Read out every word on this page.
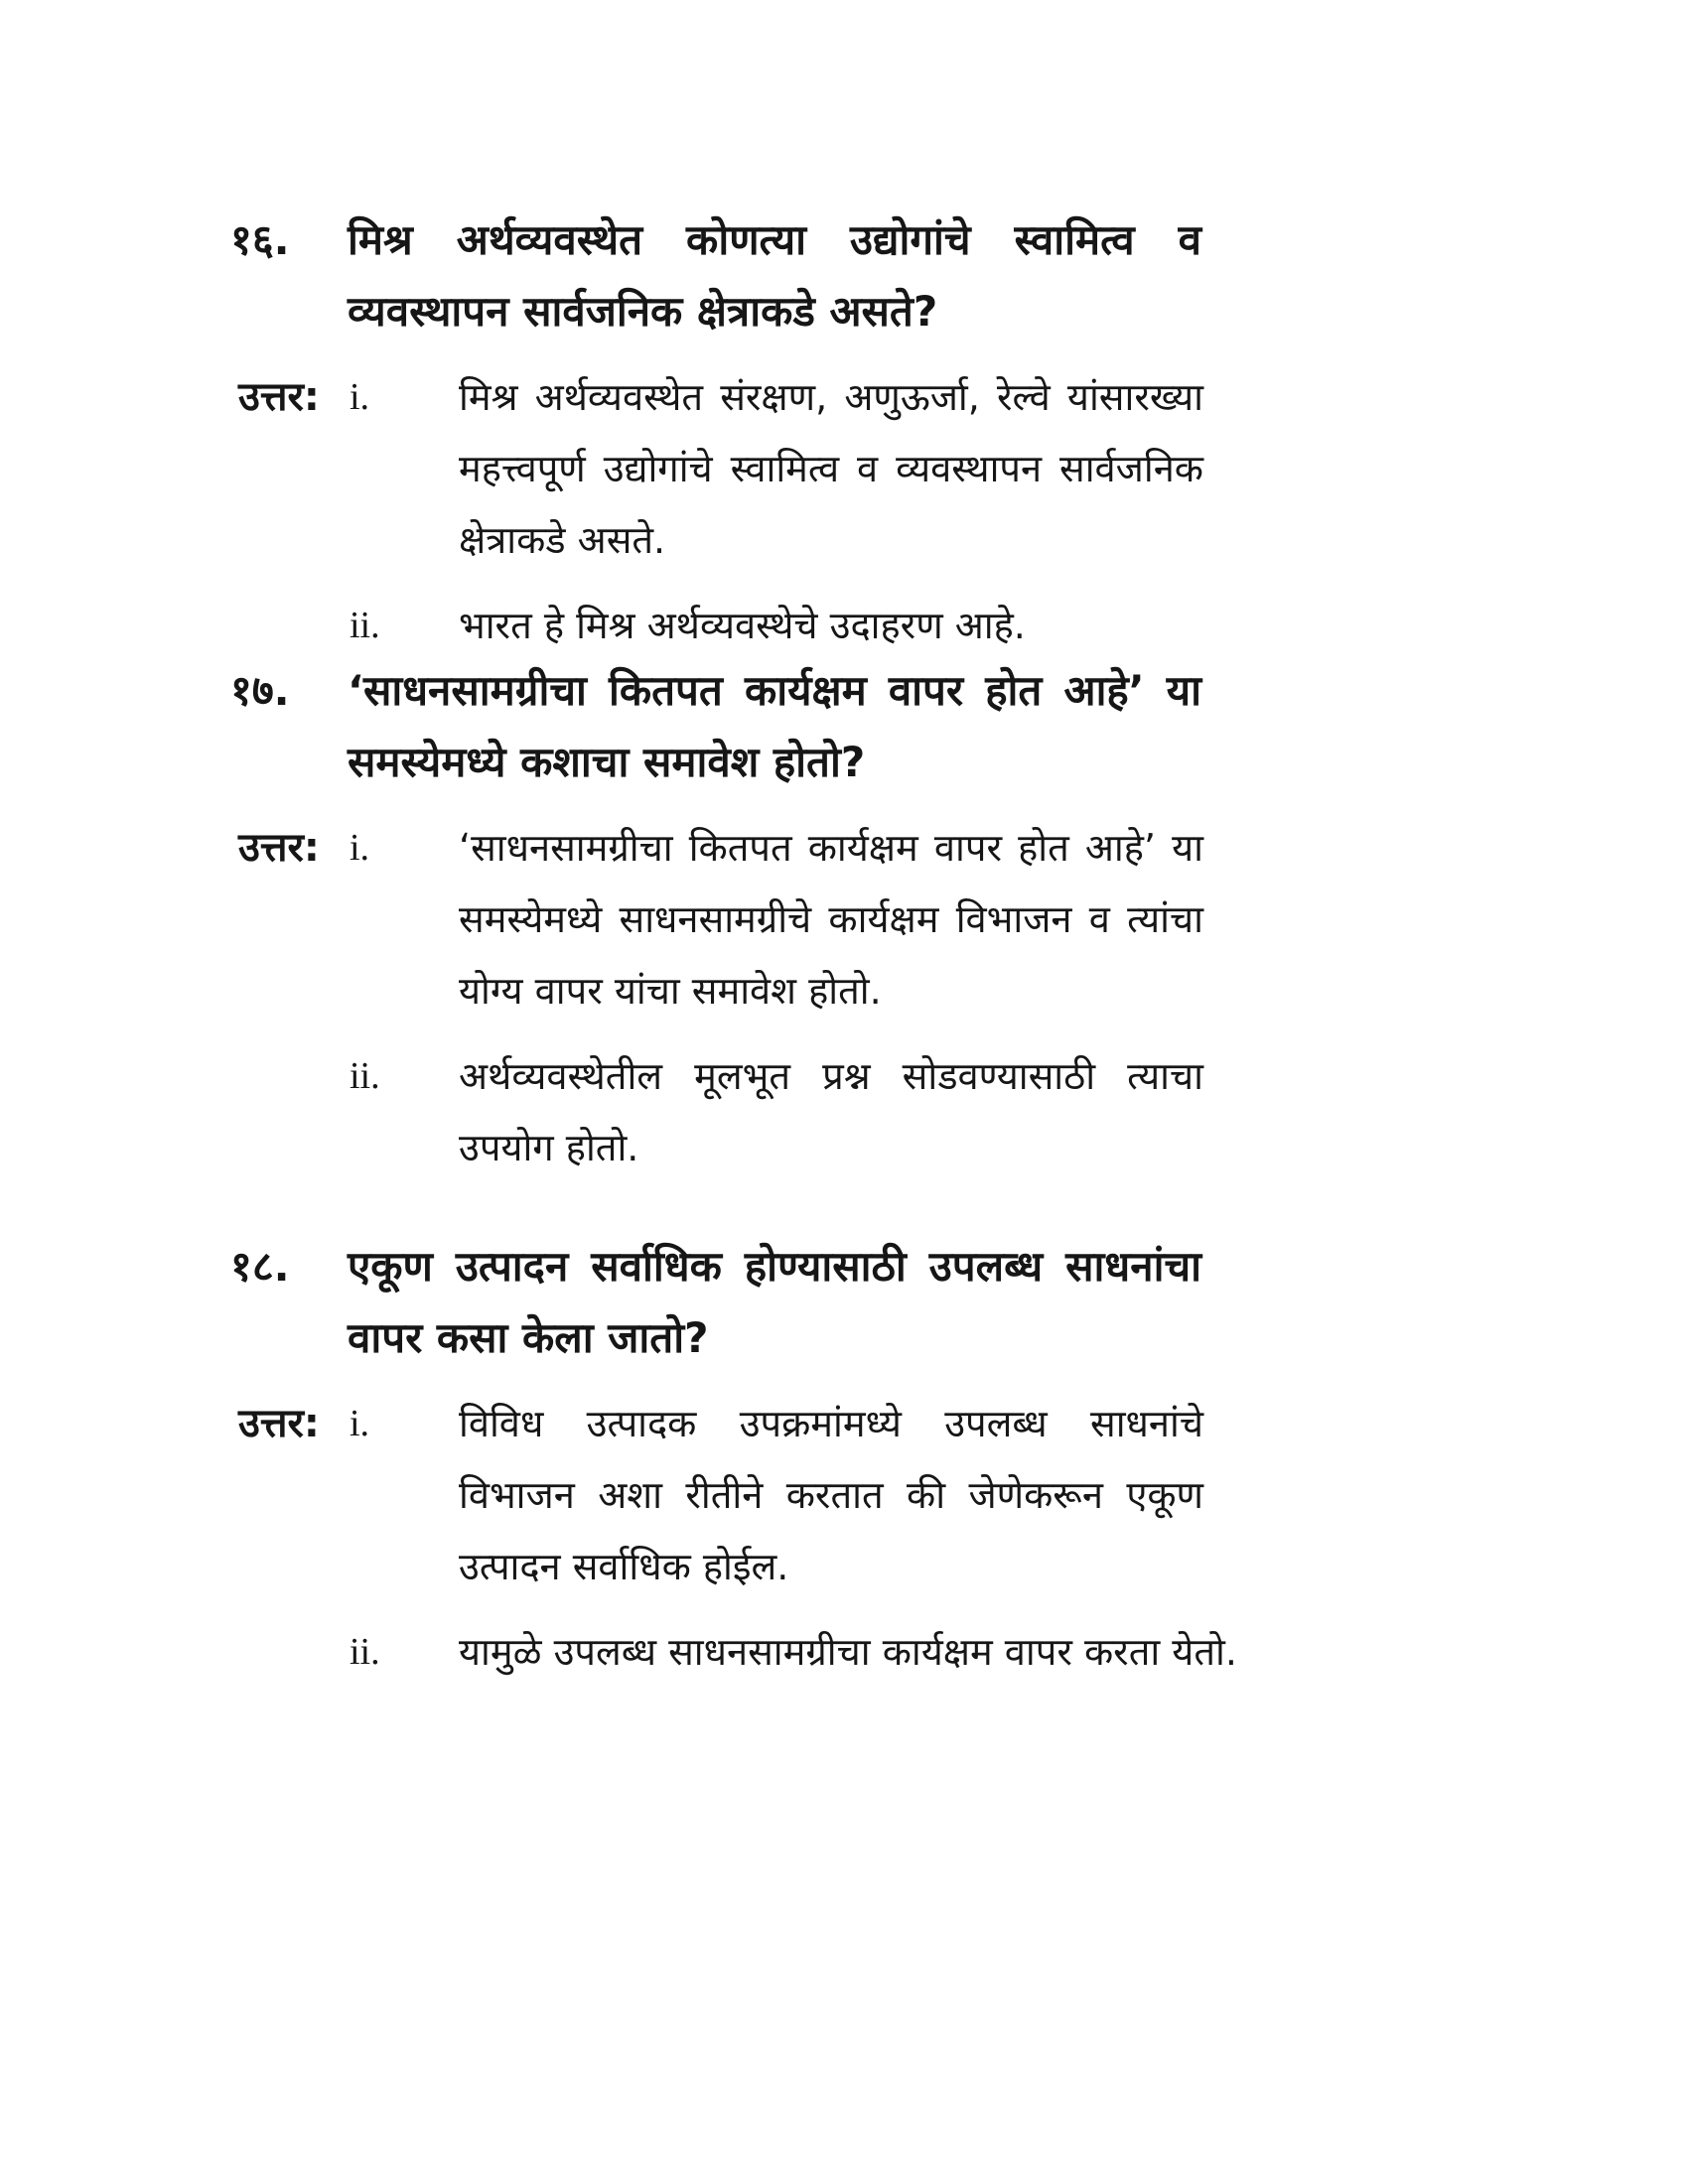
१६. मिश्र अर्थव्यवस्थेत कोणत्या उद्योगांचे स्वामित्व व व्यवस्थापन सार्वजनिक क्षेत्राकडे असते?
उत्तर: i. मिश्र अर्थव्यवस्थेत संरक्षण, अणुऊर्जा, रेल्वे यांसारख्या महत्त्वपूर्ण उद्योगांचे स्वामित्व व व्यवस्थापन सार्वजनिक क्षेत्राकडे असते.
ii. भारत हे मिश्र अर्थव्यवस्थेचे उदाहरण आहे.
१७. ‘साधनसामग्रीचा कितपत कार्यक्षम वापर होत आहे’ या समस्येमध्ये कशाचा समावेश होतो?
उत्तर: i. ‘साधनसामग्रीचा कितपत कार्यक्षम वापर होत आहे’ या समस्येमध्ये साधनसामग्रीचे कार्यक्षम विभाजन व त्यांचा योग्य वापर यांचा समावेश होतो.
ii. अर्थव्यवस्थेतील मूलभूत प्रश्न सोडवण्यासाठी त्याचा उपयोग होतो.
१८. एकूण उत्पादन सर्वाधिक होण्यासाठी उपलब्ध साधनांचा वापर कसा केला जातो?
उत्तर: i. विविध उत्पादक उपक्रमांमध्ये उपलब्ध साधनांचे विभाजन अशा रीतीने करतात की जेणेकरून एकूण उत्पादन सर्वाधिक होईल.
ii. यामुळे उपलब्ध साधनसामग्रीचा कार्यक्षम वापर करता येतो.
